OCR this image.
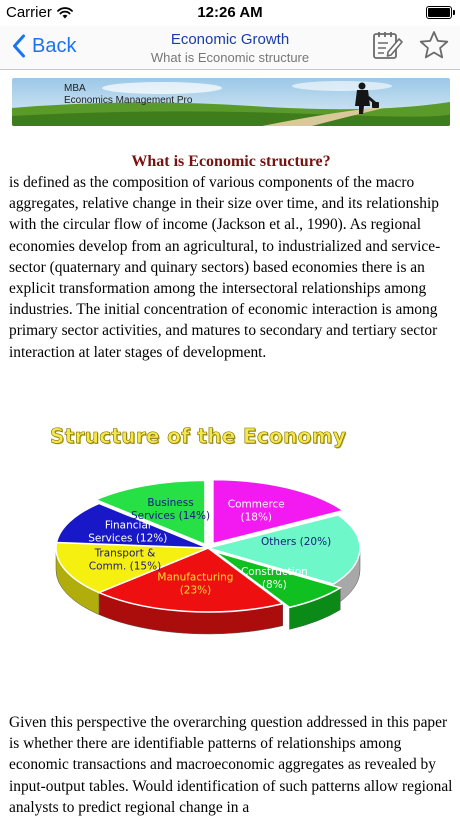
Carrier	12:26 AM
Back	Economic Growth
What is Economic structure
MBA
Economics Management Pro
What is Economic structure?
is defined as the composition of various components of the macro aggregates, relative change in their size over time, and its relationship with the circular flow of income (Jackson et al., 1990). As regional economies develop from an agricultural, to industrialized and service-sector (quaternary and quinary sectors) based economies there is an explicit transformation among the intersectoral relationships among industries. The initial concentration of economic interaction is among primary sector activities, and matures to secondary and tertiary sector interaction at later stages of development.
Structure of the Economy
Commerce
(18%)
Others (20%)
Construction
(8%)
Manufacturing
(23%)
Transport &
Comm. (15%)
Financial
Services (12%)
Business
Services (14%)
Given this perspective the overarching question addressed in this paper is whether there are identifiable patterns of relationships among economic transactions and macroeconomic aggregates as revealed by input-output tables. Would identification of such patterns allow regional analysts to predict regional change in a
